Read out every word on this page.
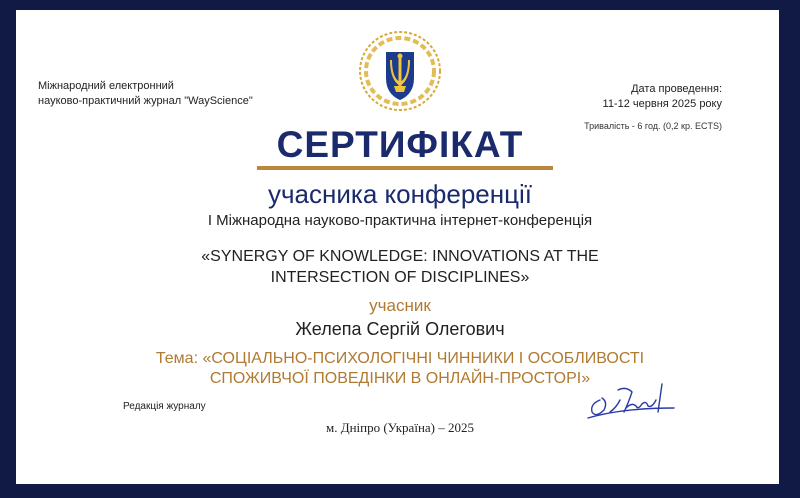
Міжнародний електронний
науково-практичний журнал "WayScience"
Дата проведення:
11-12 червня 2025 року
Тривалість - 6 год. (0,2 кр. ECTS)
СЕРТИФІКАТ
учасника конференції
I Міжнародна науково-практична інтернет-конференція
«SYNERGY OF KNOWLEDGE: INNOVATIONS AT THE
INTERSECTION OF DISCIPLINES»
учасник
Желепа Сергій Олегович
Тема: «СОЦІАЛЬНО-ПСИХОЛОГІЧНІ ЧИННИКИ І ОСОБЛИВОСТІ
СПОЖИВЧОЇ ПОВЕДІНКИ В ОНЛАЙН-ПРОСТОРІ»
Редакція журналу
м. Дніпро (Україна) – 2025
